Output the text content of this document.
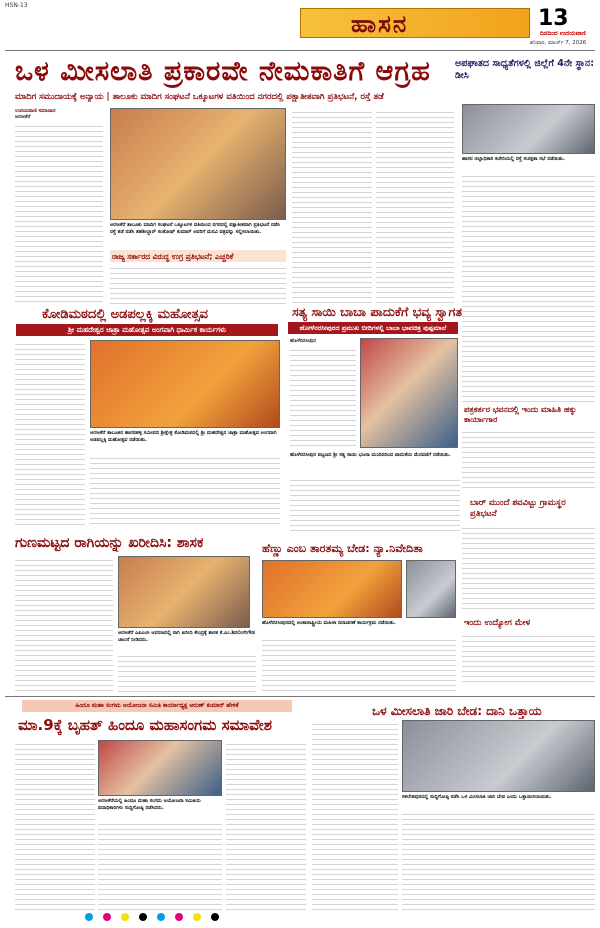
HSN-13
ಹಾಸನ	13
ದಿನದಿಂದ ಉದಯವಾಣಿ
ಶನಿವಾರ, ಮಾರ್ಚ್ 7, 2026
ಒಳ ಮೀಸಲಾತಿ ಪ್ರಕಾರವೇ ನೇಮಕಾತಿಗೆ ಆಗ್ರಹ
ಮಾದಿಗ ಸಮುದಾಯಕ್ಕೆ ಅನ್ಯಾಯ | ತಾಲೂಕು ಮಾದಿಗ ಸಂಘಟನೆ ಒಕ್ಕೂಟಗಳ ವತಿಯಿಂದ ನಗರದಲ್ಲಿ ಪಕ್ಷಾತೀತವಾಗಿ ಪ್ರತಿಭಟನೆ, ರಸ್ತೆ ತಡೆ
ಅಪಘಾತದ ಸಾಧ್ಯತೆಗಳಲ್ಲಿ ಜಿಲ್ಲೆಗೆ 4ನೇ ಸ್ಥಾನ: ಡೀಸಿ
ಉದಯವಾಣಿ ಸಮಾಚಾರ
ಅರಸೀಕೆರೆ
ಅರಸೀಕೆರೆ ತಾಲೂಕು ಮಾದಿಗ ಸಂಘಟನೆ ಒಕ್ಕೂಟಗಳ ವತಿಯಿಂದ ನಗರದಲ್ಲಿ ಪಕ್ಷಾತೀತವಾಗಿ ಪ್ರತಿಭಟನೆ ನಡೆಸಿ ರಸ್ತೆ ತಡೆ ನಡೆಸಿ ತಹಶೀಲ್ದಾರ್ ಸಂತೋಷ್ ಕುಮಾರ್ ಅವರಿಗೆ ಮನವಿ ಪತ್ರವನ್ನು ಸಲ್ಲಿಸಲಾಯಿತು.
ರಾಜ್ಯ ಸರ್ಕಾರದ ವಿರುದ್ಧ ಉಗ್ರ ಪ್ರತಿಭಟನೆ; ಎಚ್ಚರಿಕೆ
ಹಾಸನ ಜಿಲ್ಲಾಧಿಕಾರಿ ಕಚೇರಿಯಲ್ಲಿ ರಸ್ತೆ ಸುರಕ್ಷತಾ ಸಭೆ ನಡೆಯಿತು.
ಪತ್ರಕರ್ತರ ಭವನದಲ್ಲಿ ಇಂದು ಮಾಹಿತಿ ಹಕ್ಕು ಕಾರ್ಯಾಗಾರ
ಬಾರ್ ಮುಂದೆ ಶವವಿಟ್ಟು ಗ್ರಾಮಸ್ಥರ ಪ್ರತಿಭಟನೆ
ಇಂದು ಉದ್ಯೋಗ ಮೇಳ
ಕೋಡಿಮಠದಲ್ಲಿ ಅಡಪಲ್ಲಕ್ಕಿ ಮಹೋತ್ಸವ
ಶ್ರೀ ಮಹದೇಶ್ವರ ಜಾತ್ರಾ ಮಹೋತ್ಸವ ಅಂಗವಾಗಿ ಧಾರ್ಮಿಕ ಕಾರ್ಯಗಳು
ಅರಸೀಕೆರೆ ತಾಲೂಕಿನ ಹಾರನಹಳ್ಳಿ ಸಮೀಪದ ಶ್ರೀಕ್ಷೇತ್ರ ಕೋಡಿಮಠದಲ್ಲಿ ಶ್ರೀ ಮಹದೇಶ್ವರ ಜಾತ್ರಾ ಮಹೋತ್ಸವ ಅಂಗವಾಗಿ ಅಡಪಲ್ಲಕ್ಕಿ ಮಹೋತ್ಸವ ನಡೆಯಿತು.
ಸತ್ಯ ಸಾಯಿ ಬಾಬಾ ಪಾದುಕೆಗೆ ಭವ್ಯ ಸ್ವಾಗತ
ಹೋಳೆನರಸೀಪುರದ ಪ್ರಮುಖ ಬೀದಿಗಳಲ್ಲಿ ಬಾಬಾ ಭಾವಚಿತ್ರ ಪುಷ್ಪಮಾಲೆ
ಹೊಳೆನರಸೀಪುರ
ಹೊಳೆನರಸೀಪುರ ಪಟ್ಟಣದ ಶ್ರೀ ಸತ್ಯ ಸಾಯಿ ಭಜನಾ ಮಂದಿರದಿಂದ ಪಾದುಕೆಯ ಮೆರವಣಿಗೆ ನಡೆಯಿತು.
ಗುಣಮಟ್ಟದ ರಾಗಿಯನ್ನು ಖರೀದಿಸಿ: ಶಾಸಕ
ಅರಸೀಕೆರೆ ಎಪಿಎಂಸಿ ಆವರಣದಲ್ಲಿ ರಾಗಿ ಖರೀದಿ ಕೇಂದ್ರಕ್ಕೆ ಶಾಸಕ ಕೆ.ಎಂ.ಶಿವಲಿಂಗೇಗೌಡ ಚಾಲನೆ ನೀಡಿದರು.
ಹೆಣ್ಣು ಎಂಬ ತಾರತಮ್ಯ ಬೇಡ: ನ್ಯಾ.ನಿವೇದಿತಾ
ಹೊಳೆನರಸೀಪುರದಲ್ಲಿ ಅಂತಾರಾಷ್ಟ್ರೀಯ ಮಹಿಳಾ ದಿನಾಚರಣೆ ಕಾರ್ಯಕ್ರಮ ನಡೆಯಿತು.
ಹಿಂದೂ ಮಹಾ ಸಂಗಮ ಆಯೋಜನಾ ಸಮಿತಿ ಕಾರ್ಯಾಧ್ಯಕ್ಷ ಅರುಣ್ ಕುಮಾರ್ ಹೇಳಿಕೆ
ಮಾ.9ಕ್ಕೆ ಬೃಹತ್ ಹಿಂದೂ ಮಹಾಸಂಗಮ ಸಮಾವೇಶ
ಅರಸೀಕೆರೆಯಲ್ಲಿ ಹಿಂದೂ ಮಹಾ ಸಂಗಮ ಆಯೋಜನಾ ಸಮಿತಿಯ ಪದಾಧಿಕಾರಿಗಳು ಸುದ್ದಿಗೋಷ್ಠಿ ನಡೆಸಿದರು.
ಒಳ ಮೀಸಲಾತಿ ಜಾರಿ ಬೇಡ: ದಾನಿ ಒತ್ತಾಯ
ಸಕಲೇಶಪುರದಲ್ಲಿ ಸುದ್ದಿಗೋಷ್ಠಿ ನಡೆಸಿ ಒಳ ಮೀಸಲಾತಿ ಜಾರಿ ಬೇಡ ಎಂದು ಒತ್ತಾಯಿಸಲಾಯಿತು.
